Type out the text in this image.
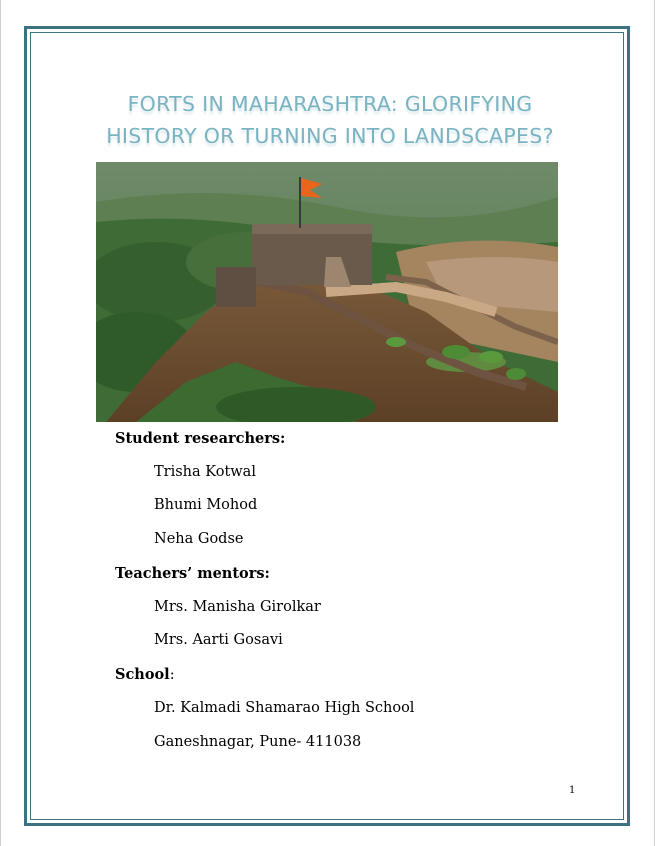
FORTS IN MAHARASHTRA: GLORIFYING
HISTORY OR TURNING INTO LANDSCAPES?
Student researchers:
Trisha Kotwal
Bhumi Mohod
Neha Godse
Teachers’ mentors:
Mrs. Manisha Girolkar
Mrs. Aarti Gosavi
School:
Dr. Kalmadi Shamarao High School
Ganeshnagar, Pune- 411038
1
